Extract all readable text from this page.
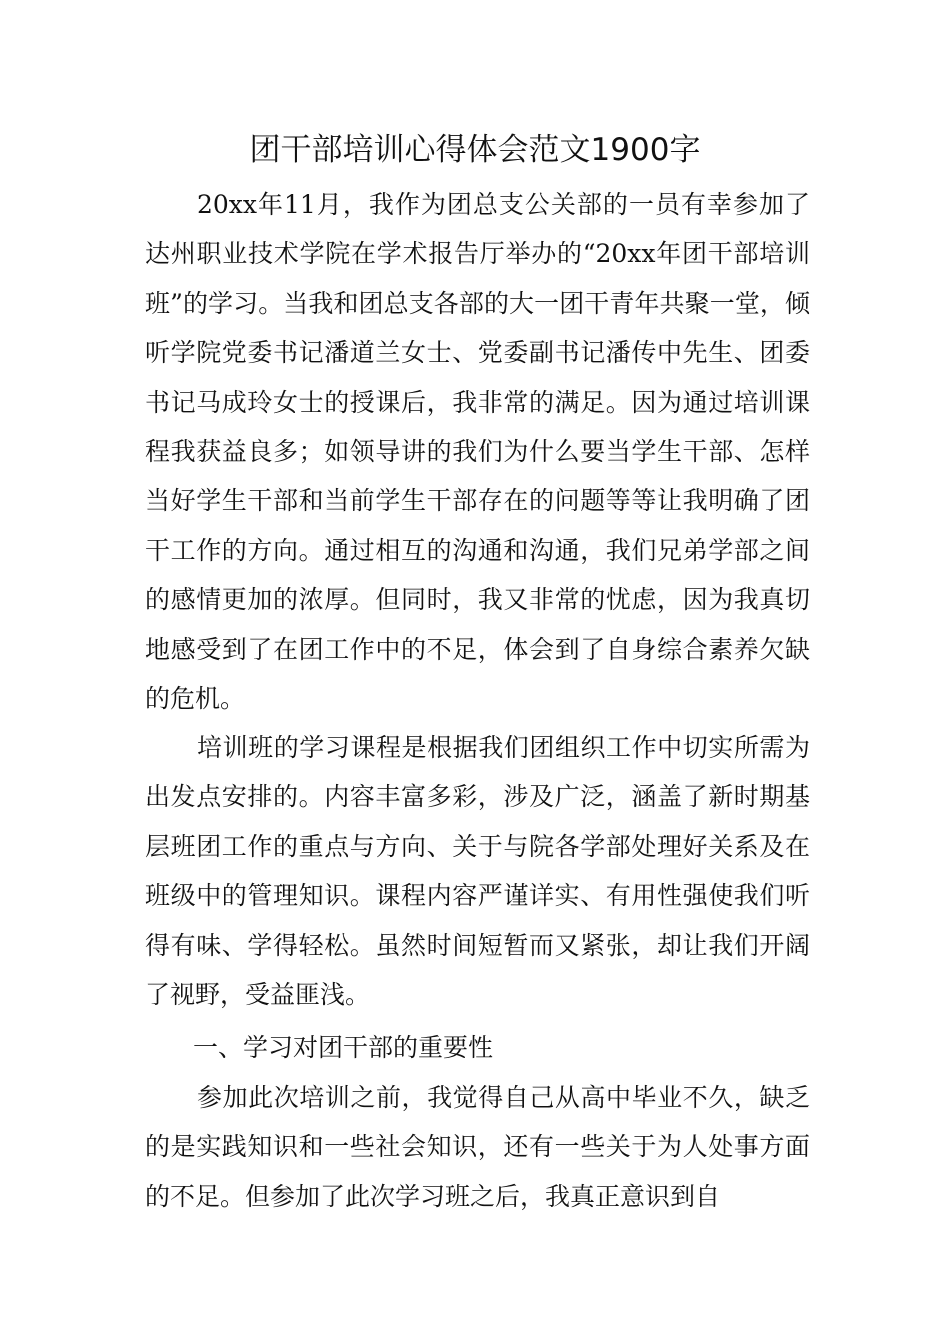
团干部培训心得体会范文1900字

20xx年11月，我作为团总支公关部的一员有幸参加了达州职业技术学院在学术报告厅举办的“20xx年团干部培训班”的学习。当我和团总支各部的大一团干青年共聚一堂，倾听学院党委书记潘道兰女士、党委副书记潘传中先生、团委书记马成玲女士的授课后，我非常的满足。因为通过培训课程我获益良多；如领导讲的我们为什么要当学生干部、怎样当好学生干部和当前学生干部存在的问题等等让我明确了团干工作的方向。通过相互的沟通和沟通，我们兄弟学部之间的感情更加的浓厚。但同时，我又非常的忧虑，因为我真切地感受到了在团工作中的不足，体会到了自身综合素养欠缺的危机。

培训班的学习课程是根据我们团组织工作中切实所需为出发点安排的。内容丰富多彩，涉及广泛，涵盖了新时期基层班团工作的重点与方向、关于与院各学部处理好关系及在班级中的管理知识。课程内容严谨详实、有用性强使我们听得有味、学得轻松。虽然时间短暂而又紧张，却让我们开阔了视野，受益匪浅。

一、学习对团干部的重要性

参加此次培训之前，我觉得自己从高中毕业不久，缺乏的是实践知识和一些社会知识，还有一些关于为人处事方面的不足。但参加了此次学习班之后，我真正意识到自
